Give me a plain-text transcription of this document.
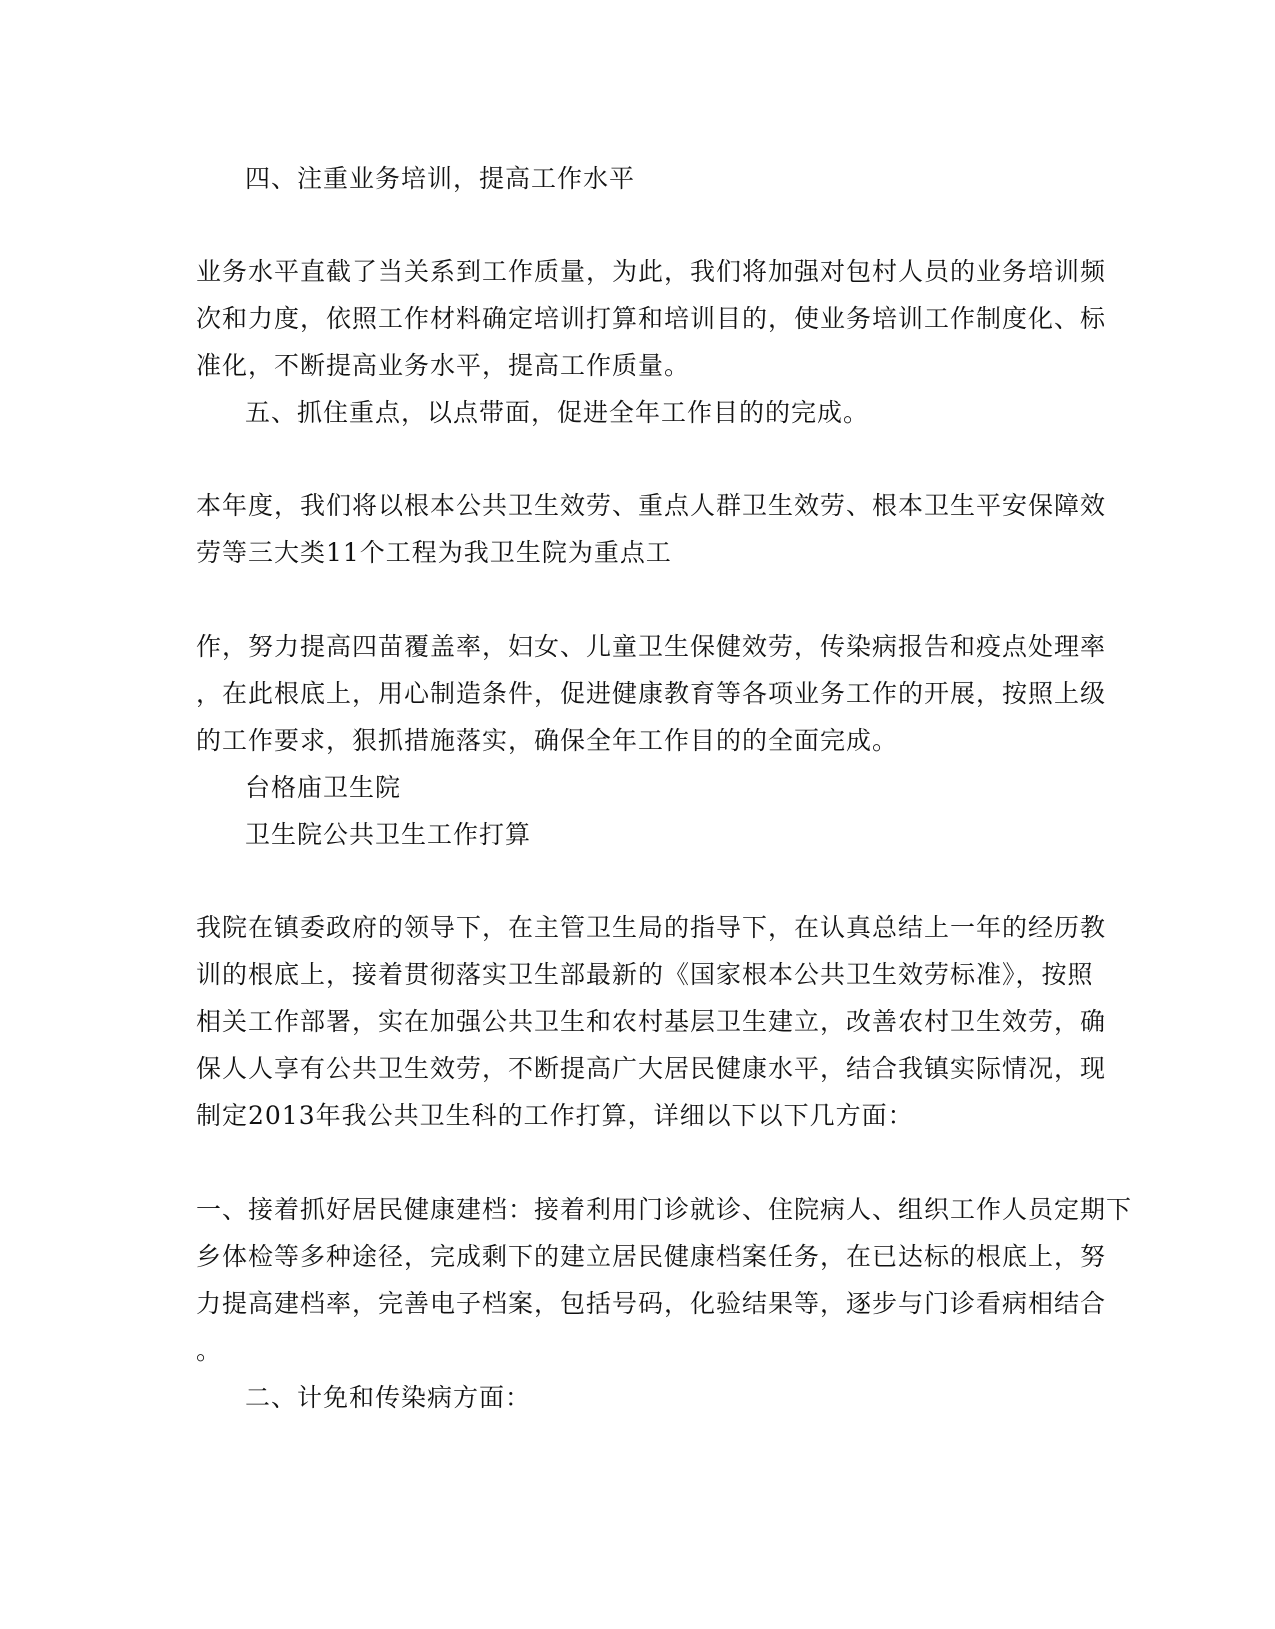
四、注重业务培训，提高工作水平

业务水平直截了当关系到工作质量，为此，我们将加强对包村人员的业务培训频

次和力度，依照工作材料确定培训打算和培训目的，使业务培训工作制度化、标

准化，不断提高业务水平，提高工作质量。

五、抓住重点，以点带面，促进全年工作目的的完成。

本年度，我们将以根本公共卫生效劳、重点人群卫生效劳、根本卫生平安保障效

劳等三大类11个工程为我卫生院为重点工

作，努力提高四苗覆盖率，妇女、儿童卫生保健效劳，传染病报告和疫点处理率

，在此根底上，用心制造条件，促进健康教育等各项业务工作的开展，按照上级

的工作要求，狠抓措施落实，确保全年工作目的的全面完成。

台格庙卫生院

卫生院公共卫生工作打算

我院在镇委政府的领导下，在主管卫生局的指导下，在认真总结上一年的经历教

训的根底上，接着贯彻落实卫生部最新的《国家根本公共卫生效劳标准》，按照

相关工作部署，实在加强公共卫生和农村基层卫生建立，改善农村卫生效劳，确

保人人享有公共卫生效劳，不断提高广大居民健康水平，结合我镇实际情况，现

制定2013年我公共卫生科的工作打算，详细以下以下几方面：

一、接着抓好居民健康建档：接着利用门诊就诊、住院病人、组织工作人员定期下

乡体检等多种途径，完成剩下的建立居民健康档案任务，在已达标的根底上，努

力提高建档率，完善电子档案，包括号码，化验结果等，逐步与门诊看病相结合

。

二、计免和传染病方面：
